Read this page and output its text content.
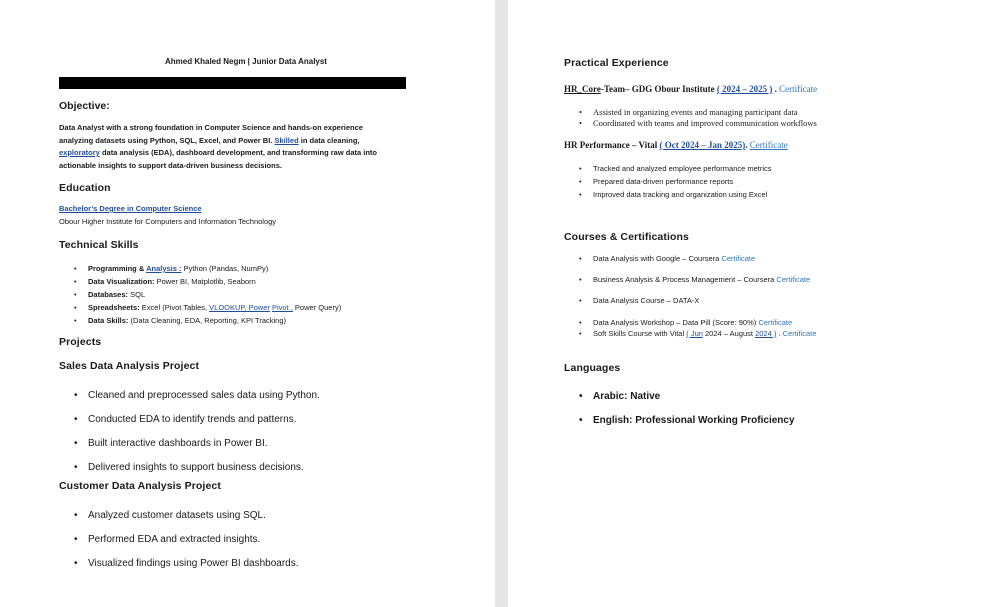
Ahmed Khaled Negm | Junior Data Analyst
Objective:
Data Analyst with a strong foundation in Computer Science and hands-on experience
analyzing datasets using Python, SQL, Excel, and Power BI. Skilled in data cleaning,
exploratory data analysis (EDA), dashboard development, and transforming raw data into
actionable insights to support data-driven business decisions.
Education
Bachelor’s Degree in Computer Science
Obour Higher Institute for Computers and Information Technology
Technical Skills
• Programming & Analysis : Python (Pandas, NumPy)
• Data Visualization: Power BI, Matplotlib, Seaborn
• Databases: SQL
• Spreadsheets: Excel (Pivot Tables, VLOOKUP, Power Pivot , Power Query)
• Data Skills: (Data Cleaning, EDA, Reporting, KPI Tracking)
Projects
Sales Data Analysis Project
• Cleaned and preprocessed sales data using Python.
• Conducted EDA to identify trends and patterns.
• Built interactive dashboards in Power BI.
• Delivered insights to support business decisions.
Customer Data Analysis Project
• Analyzed customer datasets using SQL.
• Performed EDA and extracted insights.
• Visualized findings using Power BI dashboards.
Practical Experience
HR_Core-Team– GDG Obour Institute ( 2024 – 2025 ) . Certificate
• Assisted in organizing events and managing participant data
• Coordinated with teams and improved communication workflows
HR Performance – Vital ( Oct 2024 – Jan 2025). Certificate
• Tracked and analyzed employee performance metrics
• Prepared data-driven performance reports
• Improved data tracking and organization using Excel
Courses & Certifications
• Data Analysis with Google – Coursera Certificate
• Business Analysis & Process Management – Coursera Certificate
• Data Analysis Course – DATA-X
• Data Analysis Workshop – Data Pill (Score: 90%) Certificate
• Soft Skills Course with Vital ( Jun 2024 – August 2024 ) . Certificate
Languages
• Arabic: Native
• English: Professional Working Proficiency
